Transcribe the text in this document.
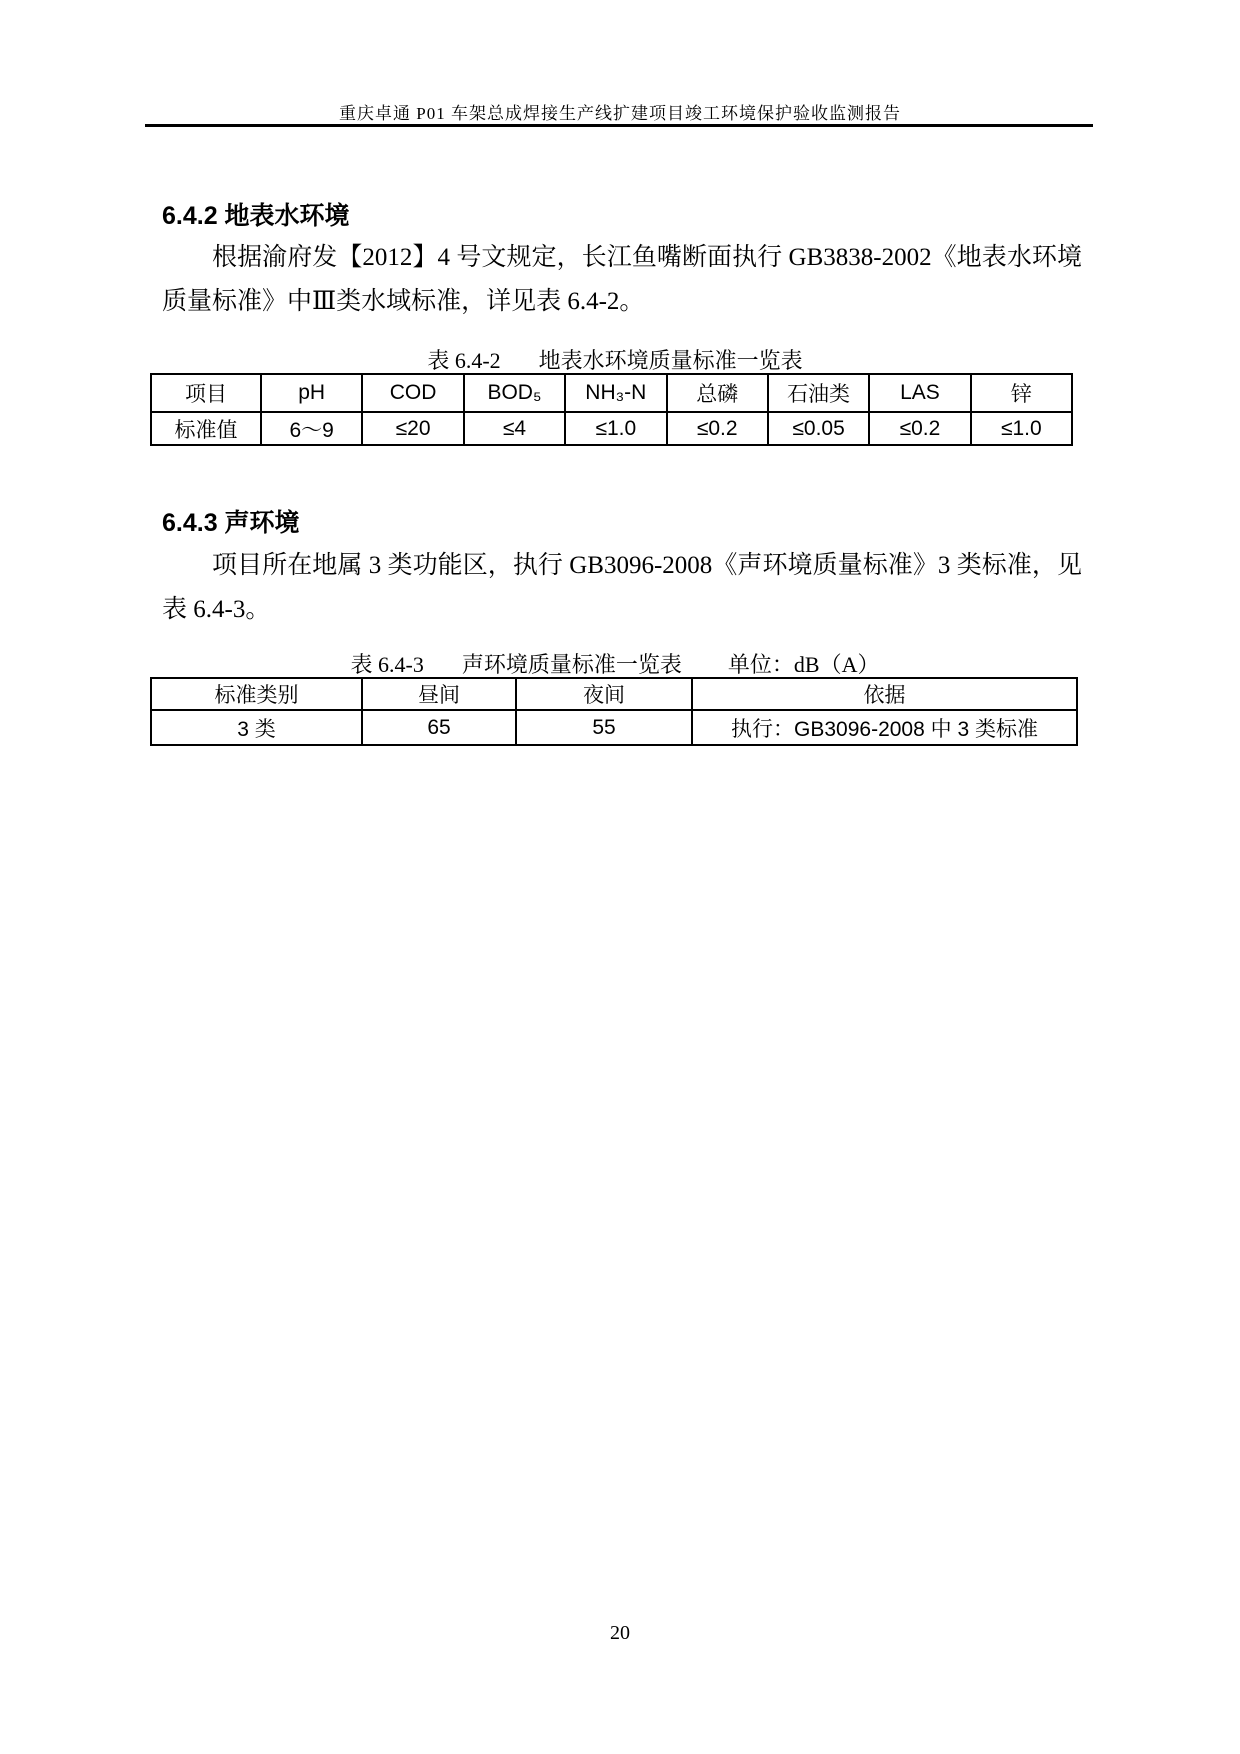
重庆卓通 P01 车架总成焊接生产线扩建项目竣工环境保护验收监测报告
6.4.2 地表水环境
根据渝府发【2012】4 号文规定，长江鱼嘴断面执行 GB3838-2002《地表水环境质量标准》中Ⅲ类水域标准，详见表 6.4-2。
表 6.4-2 地表水环境质量标准一览表
项目	pH	COD	BOD₅	NH₃-N	总磷	石油类	LAS	锌
标准值	6～9	≤20	≤4	≤1.0	≤0.2	≤0.05	≤0.2	≤1.0
6.4.3 声环境
项目所在地属 3 类功能区，执行 GB3096-2008《声环境质量标准》3 类标准，见表 6.4-3。
表 6.4-3 声环境质量标准一览表 单位：dB（A）
标准类别	昼间	夜间	依据
3 类	65	55	执行：GB3096-2008 中 3 类标准
20
